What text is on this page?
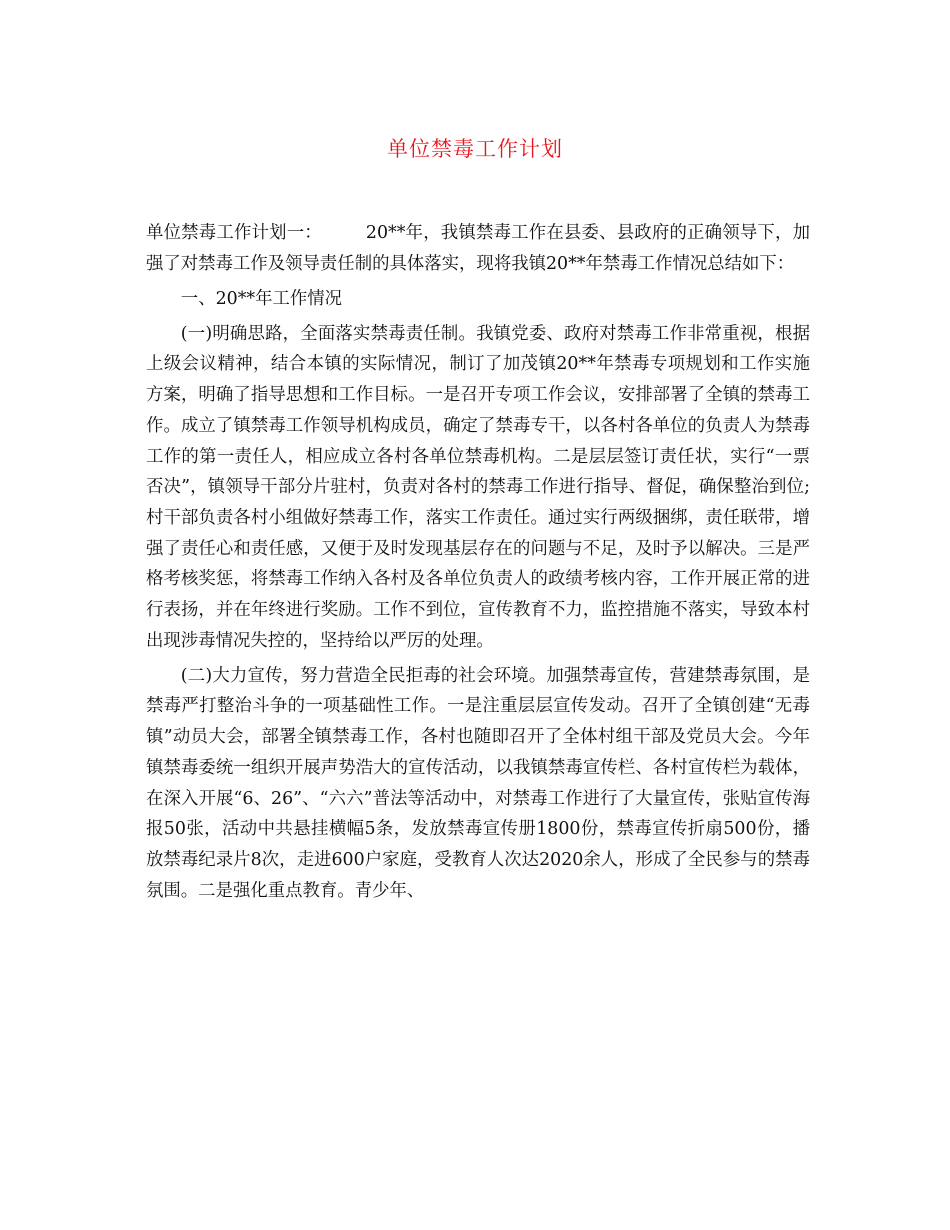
单位禁毒工作计划

单位禁毒工作计划一：	20**年，我镇禁毒工作在县委、县政府的正确领导下，加强了对禁毒工作及领导责任制的具体落实，现将我镇20**年禁毒工作情况总结如下：

一、20**年工作情况

(一)明确思路，全面落实禁毒责任制。我镇党委、政府对禁毒工作非常重视，根据上级会议精神，结合本镇的实际情况，制订了加茂镇20**年禁毒专项规划和工作实施方案，明确了指导思想和工作目标。一是召开专项工作会议，安排部署了全镇的禁毒工作。成立了镇禁毒工作领导机构成员，确定了禁毒专干，以各村各单位的负责人为禁毒工作的第一责任人，相应成立各村各单位禁毒机构。二是层层签订责任状，实行“一票否决”，镇领导干部分片驻村，负责对各村的禁毒工作进行指导、督促，确保整治到位;村干部负责各村小组做好禁毒工作，落实工作责任。通过实行两级捆绑，责任联带，增强了责任心和责任感，又便于及时发现基层存在的问题与不足，及时予以解决。三是严格考核奖惩，将禁毒工作纳入各村及各单位负责人的政绩考核内容，工作开展正常的进行表扬，并在年终进行奖励。工作不到位，宣传教育不力，监控措施不落实，导致本村出现涉毒情况失控的，坚持给以严厉的处理。

(二)大力宣传，努力营造全民拒毒的社会环境。加强禁毒宣传，营建禁毒氛围，是禁毒严打整治斗争的一项基础性工作。一是注重层层宣传发动。召开了全镇创建“无毒镇”动员大会，部署全镇禁毒工作，各村也随即召开了全体村组干部及党员大会。今年镇禁毒委统一组织开展声势浩大的宣传活动，以我镇禁毒宣传栏、各村宣传栏为载体，在深入开展“6、26”、“六六”普法等活动中，对禁毒工作进行了大量宣传，张贴宣传海报50张，活动中共悬挂横幅5条，发放禁毒宣传册1800份，禁毒宣传折扇500份，播放禁毒纪录片8次，走进600户家庭，受教育人次达2020余人，形成了全民参与的禁毒氛围。二是强化重点教育。青少年、
